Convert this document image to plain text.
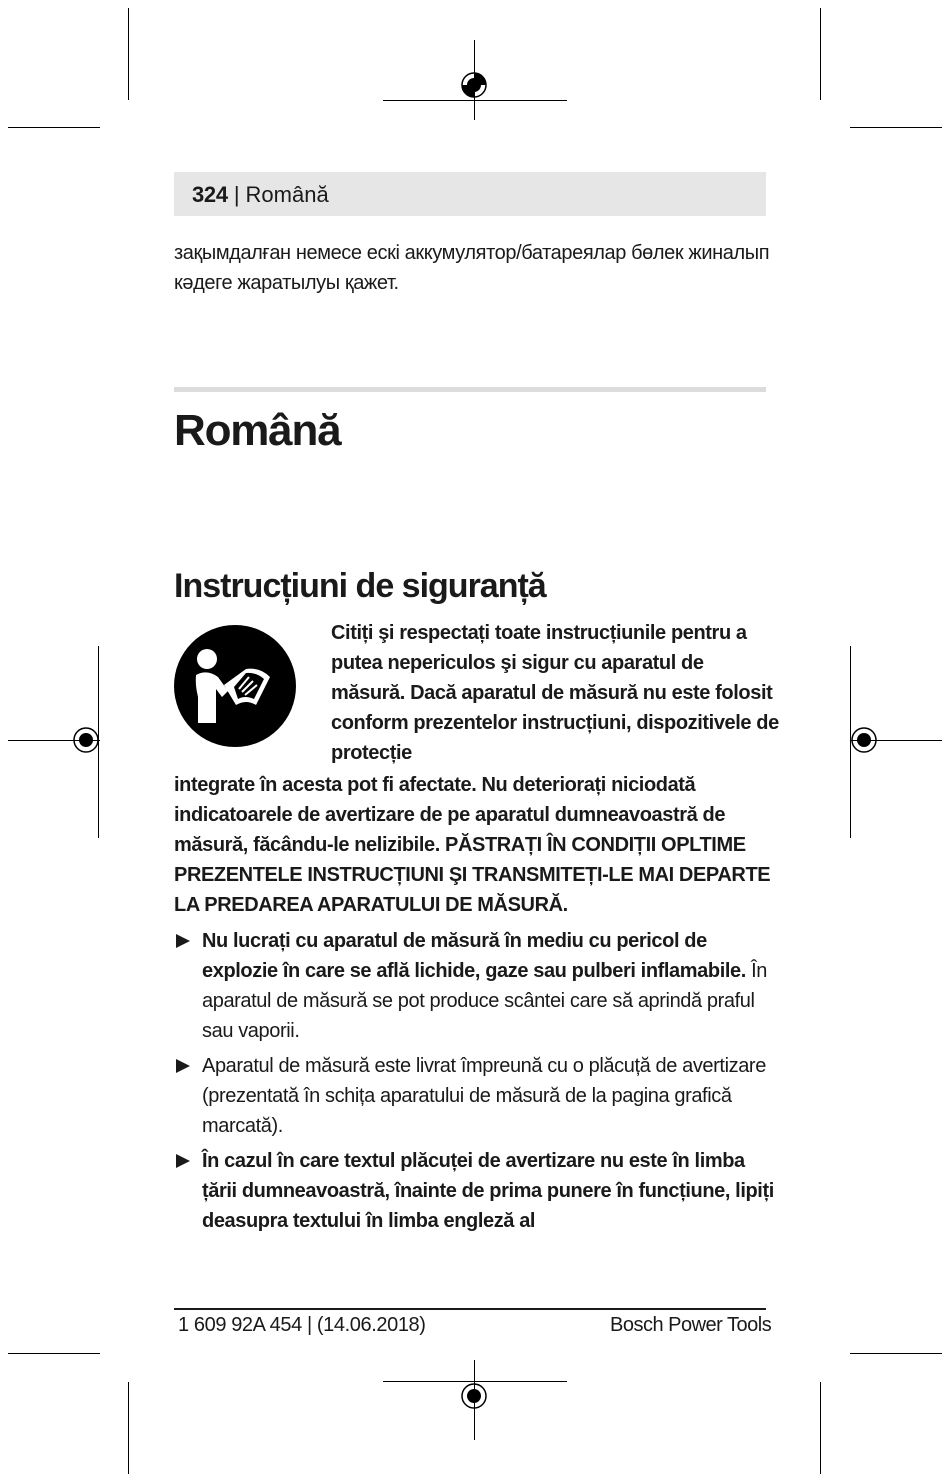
324 | Română
зақымдалған немесе ескі аккумулятор/батареялар бөлек жиналып кәдеге жаратылуы қажет.
Română
Instrucțiuni de siguranță
Citiți şi respectați toate instrucțiunile pentru a putea nepericulos şi sigur cu aparatul de măsură. Dacă aparatul de măsură nu este folosit conform prezentelor instrucțiuni, dispozitivele de protecție
integrate în acesta pot fi afectate. Nu deteriorați niciodată indicatoarele de avertizare de pe aparatul dumneavoastră de măsură, făcându-le nelizibile. PĂSTRAȚI ÎN CONDIȚII OPLTIME PREZENTELE INSTRUCȚIUNI ŞI TRANSMITEȚI-LE MAI DEPARTE LA PREDAREA APARATULUI DE MĂSURĂ.
Nu lucrați cu aparatul de măsură în mediu cu pericol de explozie în care se află lichide, gaze sau pulberi inflamabile. În aparatul de măsură se pot produce scântei care să aprindă praful sau vaporii.
Aparatul de măsură este livrat împreună cu o plăcuță de avertizare (prezentată în schița aparatului de măsură de la pagina grafică marcată).
În cazul în care textul plăcuței de avertizare nu este în limba țării dumneavoastră, înainte de prima punere în funcțiune, lipiți deasupra textului în limba engleză al
1 609 92A 454 | (14.06.2018)	Bosch Power Tools
